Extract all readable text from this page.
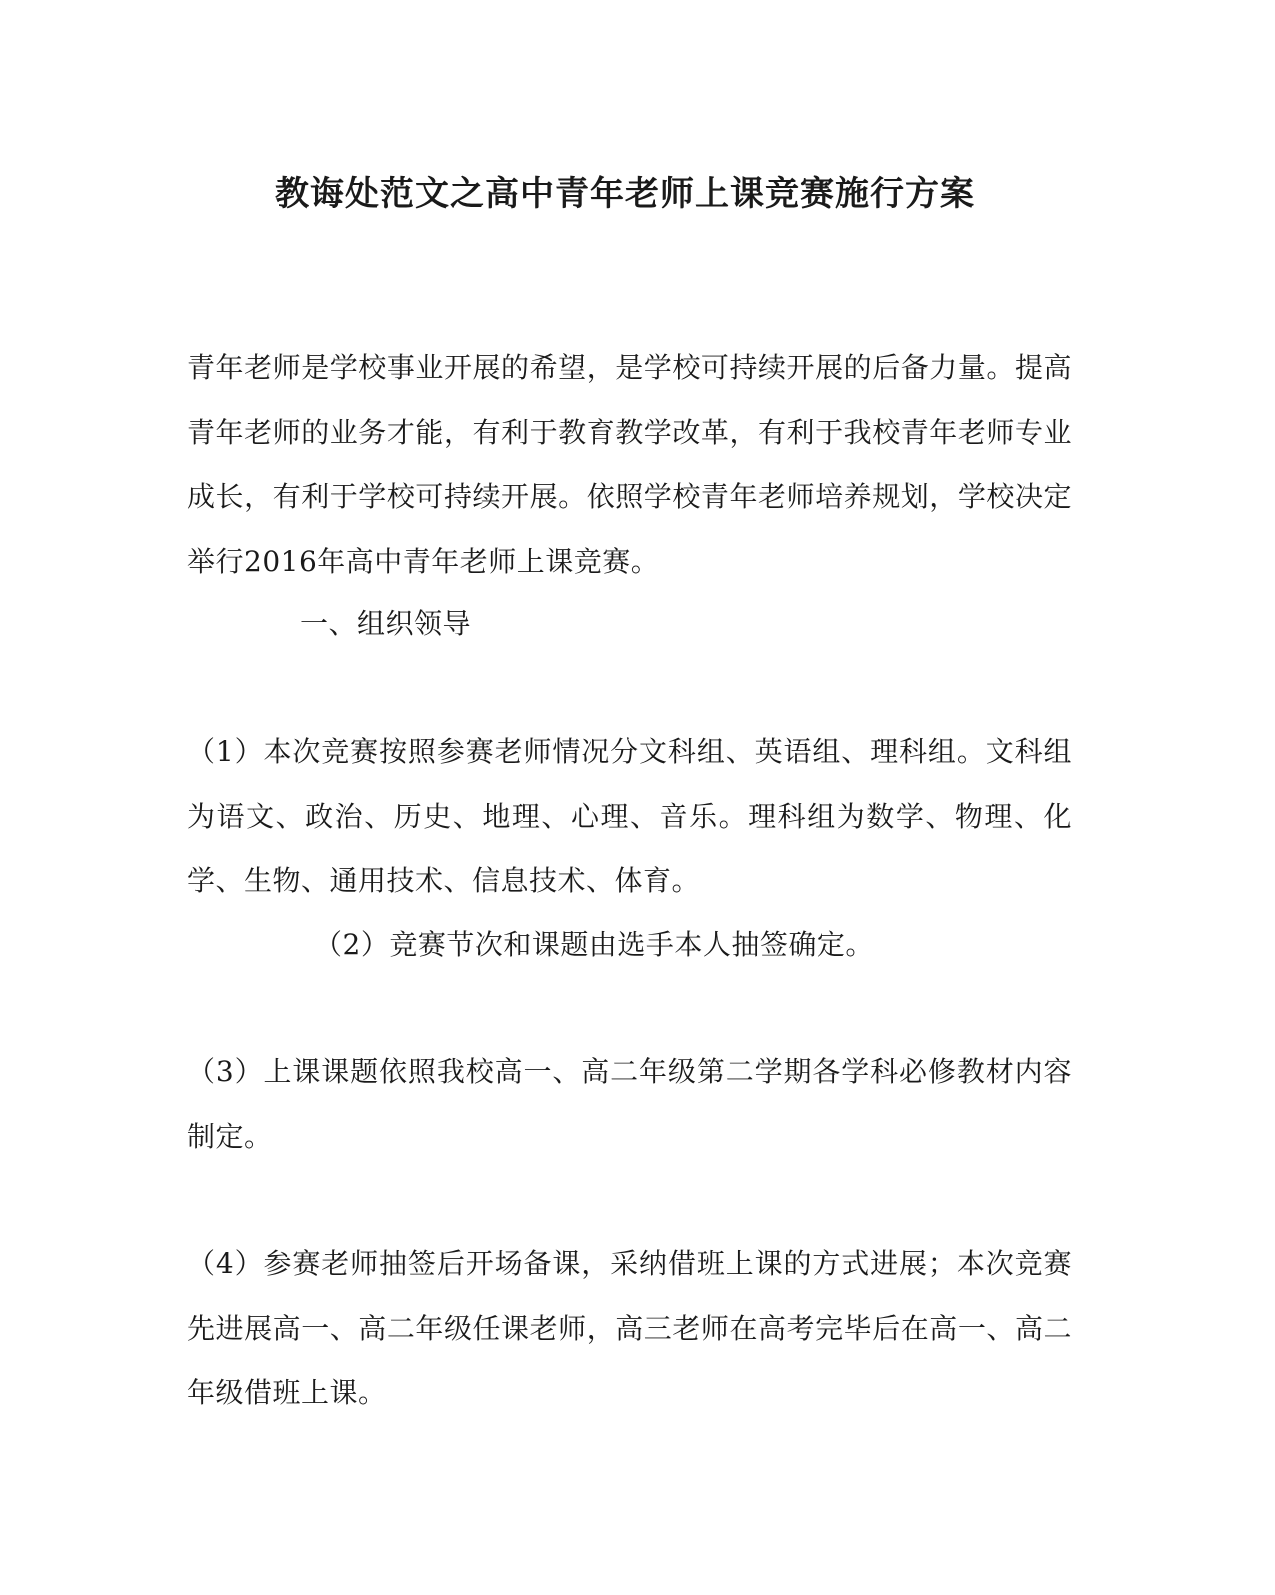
教诲处范文之高中青年老师上课竞赛施行方案

青年老师是学校事业开展的希望，是学校可持续开展的后备力量。提高青年老师的业务才能，有利于教育教学改革，有利于我校青年老师专业成长，有利于学校可持续开展。依照学校青年老师培养规划，学校决定举行2016年高中青年老师上课竞赛。

一、组织领导

（1）本次竞赛按照参赛老师情况分文科组、英语组、理科组。文科组为语文、政治、历史、地理、心理、音乐。理科组为数学、物理、化学、生物、通用技术、信息技术、体育。

（2）竞赛节次和课题由选手本人抽签确定。

（3）上课课题依照我校高一、高二年级第二学期各学科必修教材内容制定。

（4）参赛老师抽签后开场备课，采纳借班上课的方式进展；本次竞赛先进展高一、高二年级任课老师，高三老师在高考完毕后在高一、高二年级借班上课。
